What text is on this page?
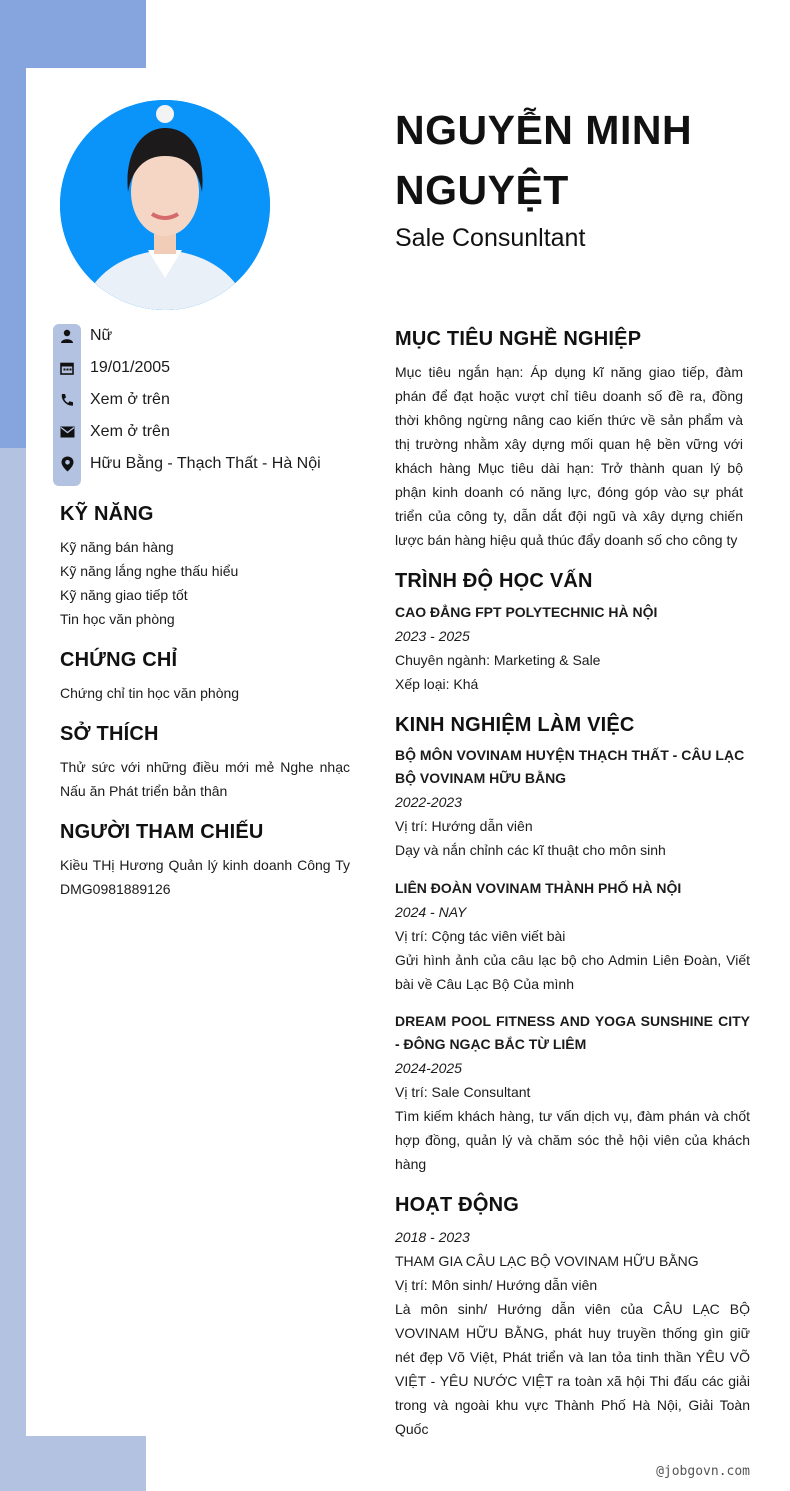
NGUYỄN MINH NGUYỆT
Sale Consunltant
Nữ
19/01/2005
Xem ở trên
Xem ở trên
Hữu Bằng - Thạch Thất - Hà Nội
KỸ NĂNG
Kỹ năng bán hàng
Kỹ năng lắng nghe thấu hiểu
Kỹ năng giao tiếp tốt
Tin học văn phòng
CHỨNG CHỈ
Chứng chỉ tin học văn phòng
SỞ THÍCH
Thử sức với những điều mới mẻ Nghe nhạc Nấu ăn Phát triển bản thân
NGƯỜI THAM CHIẾU
Kiều THị Hương Quản lý kinh doanh Công Ty DMG0981889126
MỤC TIÊU NGHỀ NGHIỆP
Mục tiêu ngắn hạn: Áp dụng kĩ năng giao tiếp, đàm phán để đạt hoặc vượt chỉ tiêu doanh số đề ra, đồng thời không ngừng nâng cao kiến thức về sản phẩm và thị trường nhằm xây dựng mối quan hệ bền vững với khách hàng Mục tiêu dài hạn: Trở thành quan lý bộ phận kinh doanh có năng lực, đóng góp vào sự phát triển của công ty, dẫn dắt đội ngũ và xây dựng chiến lược bán hàng hiệu quả thúc đẩy doanh số cho công ty
TRÌNH ĐỘ HỌC VẤN
CAO ĐẲNG FPT POLYTECHNIC HÀ NỘI
2023 - 2025
Chuyên ngành: Marketing & Sale
Xếp loại: Khá
KINH NGHIỆM LÀM VIỆC
BỘ MÔN VOVINAM HUYỆN THẠCH THẤT - CÂU LẠC BỘ VOVINAM HỮU BẰNG
2022-2023
Vị trí: Hướng dẫn viên
Dạy và nắn chỉnh các kĩ thuật cho môn sinh
LIÊN ĐOÀN VOVINAM THÀNH PHỐ HÀ NỘI
2024 - NAY
Vị trí: Cộng tác viên viết bài
Gửi hình ảnh của câu lạc bộ cho Admin Liên Đoàn, Viết bài về Câu Lạc Bộ Của mình
DREAM POOL FITNESS AND YOGA SUNSHINE CITY - ĐÔNG NGẠC BẮC TỪ LIÊM
2024-2025
Vị trí: Sale Consultant
Tìm kiếm khách hàng, tư vấn dịch vụ, đàm phán và chốt hợp đồng, quản lý và chăm sóc thẻ hội viên của khách hàng
HOẠT ĐỘNG
2018 - 2023
THAM GIA CÂU LẠC BỘ VOVINAM HỮU BẰNG
Vị trí: Môn sinh/ Hướng dẫn viên
Là môn sinh/ Hướng dẫn viên của CÂU LẠC BỘ VOVINAM HỮU BẰNG, phát huy truyền thống gìn giữ nét đẹp Võ Việt, Phát triển và lan tỏa tinh thần YÊU VÕ VIỆT - YÊU NƯỚC VIỆT ra toàn xã hội Thi đấu các giải trong và ngoài khu vực Thành Phố Hà Nội, Giải Toàn Quốc
@jobgovn.com
